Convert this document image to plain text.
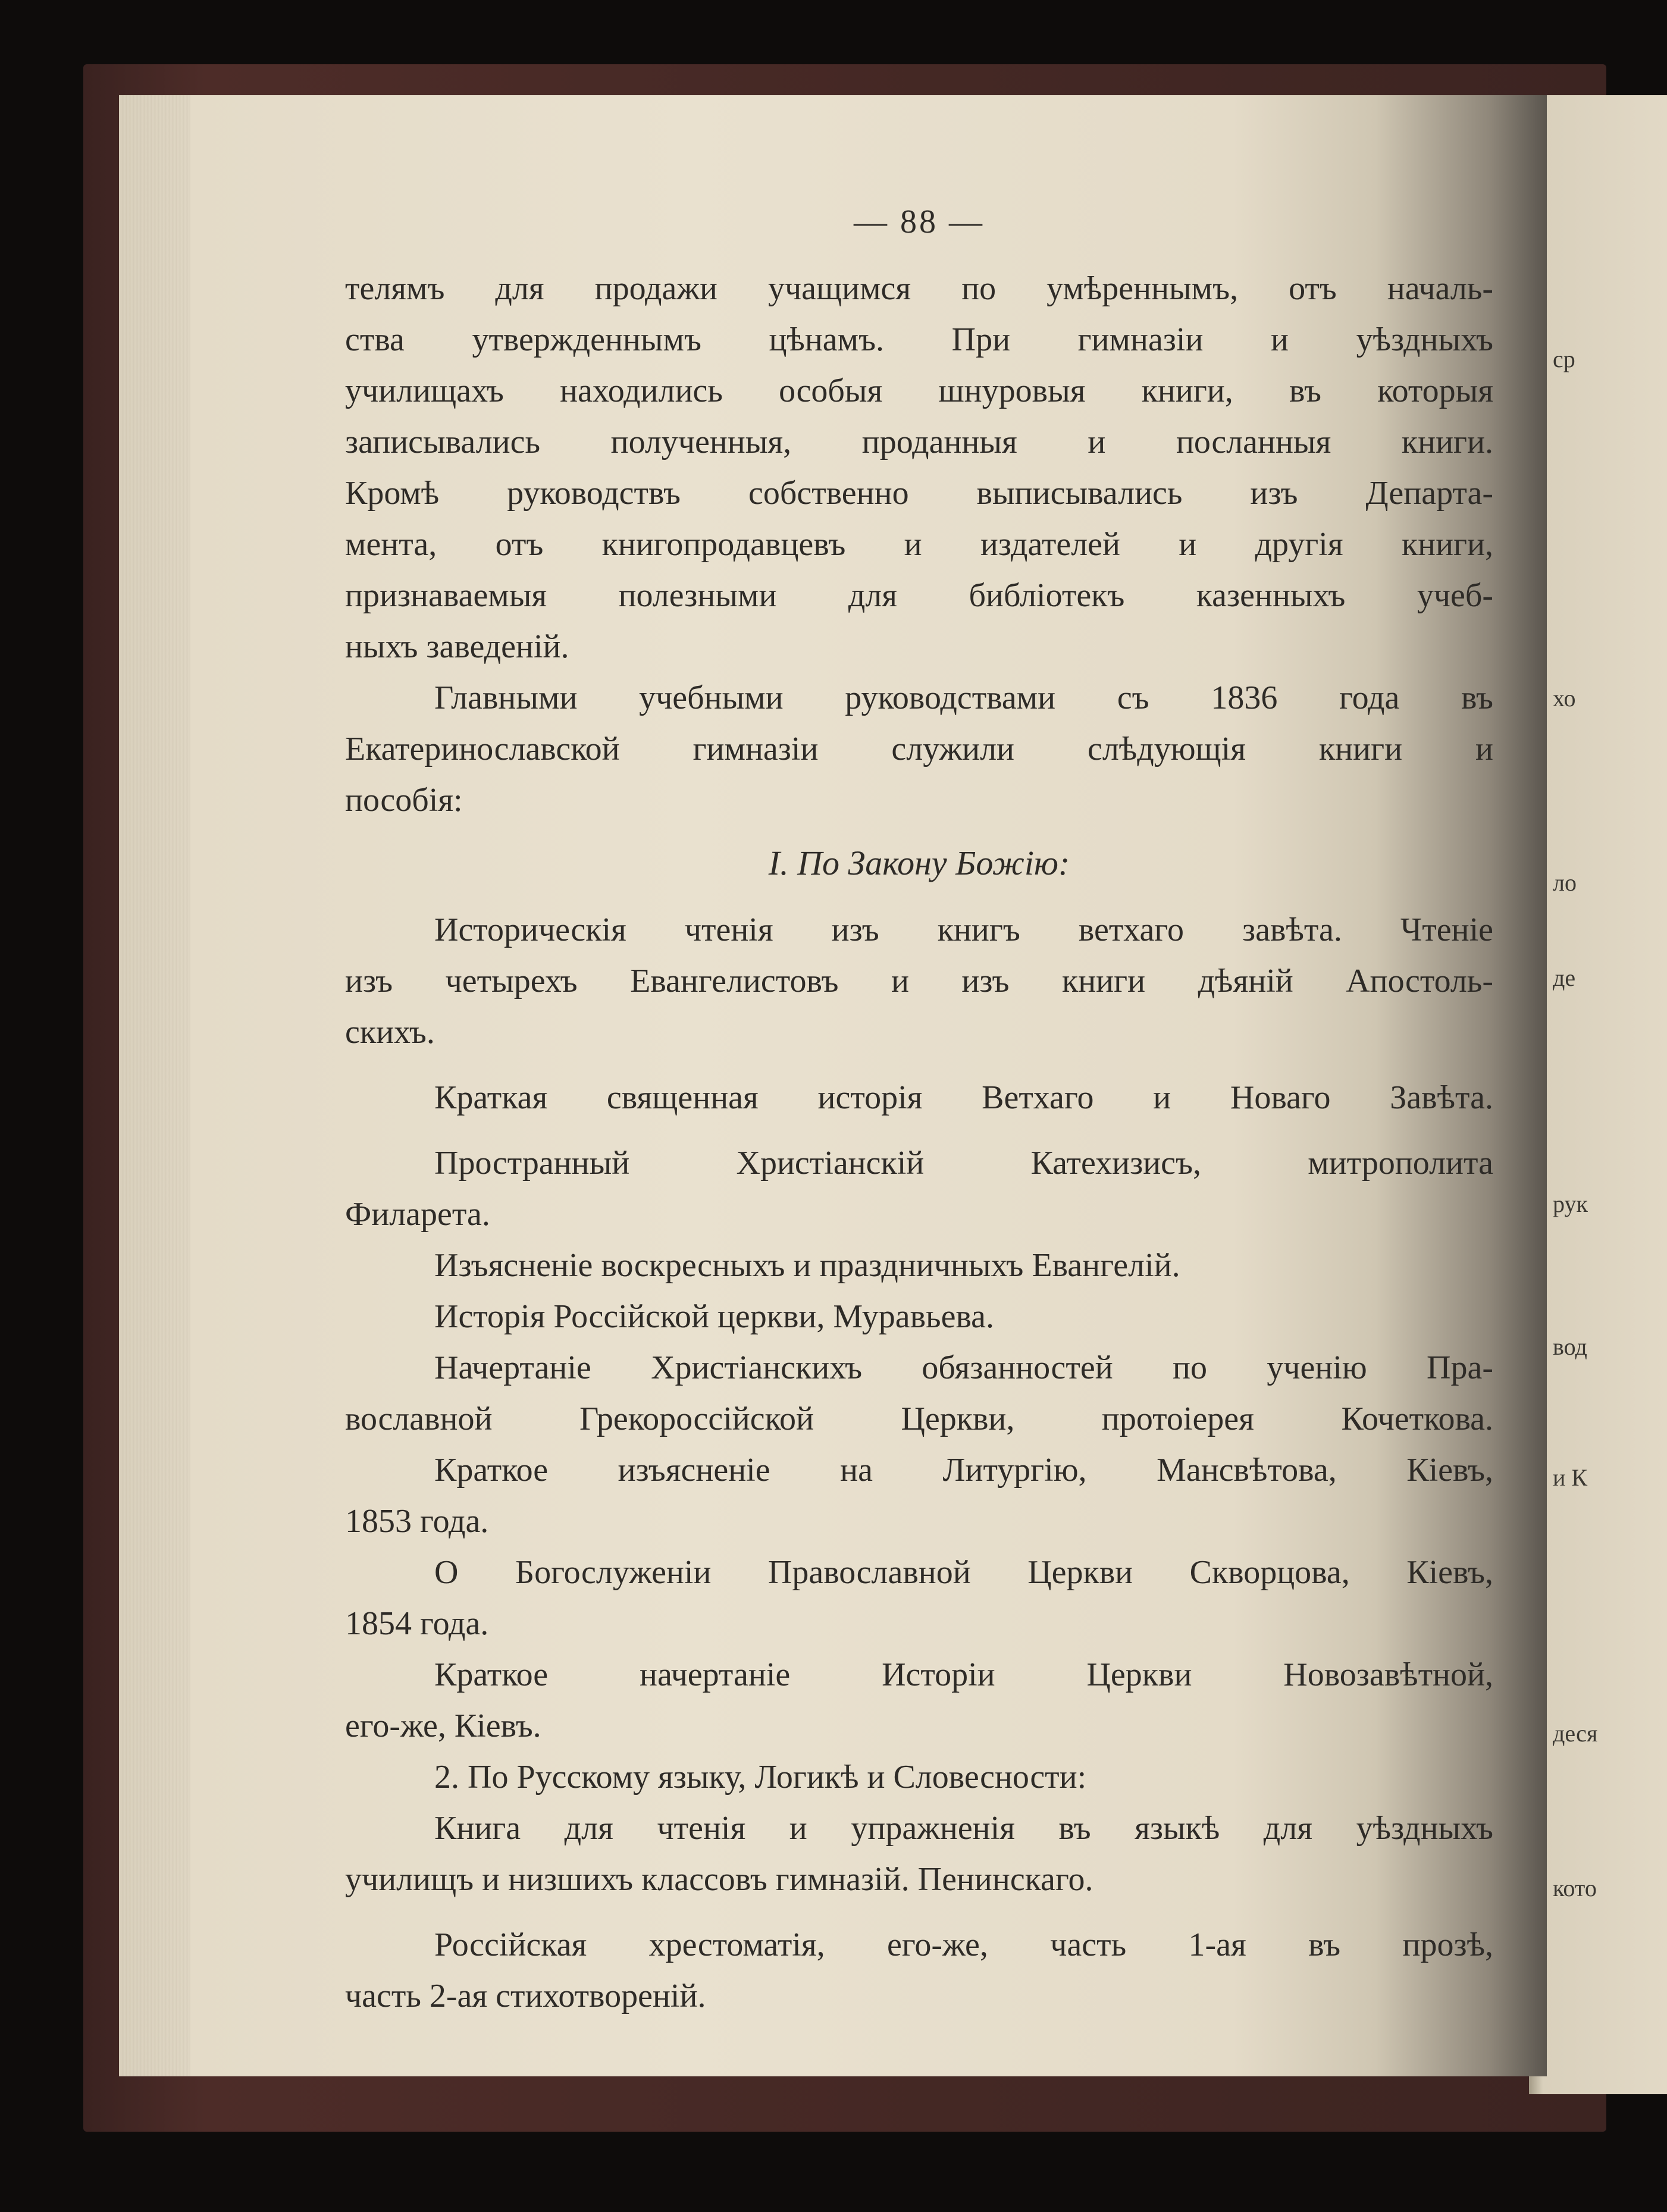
ср
хо
ло
де
рук
вод
и К
деся
кото
— 88 —
телямъ для продажи учащимся по умѣреннымъ, отъ началь-
ства утвержденнымъ цѣнамъ. При гимназіи и уѣздныхъ
училищахъ находились особыя шнуровыя книги, въ которыя
записывались полученныя, проданныя и посланныя книги.
Кромѣ руководствъ собственно выписывались изъ Департа-
мента, отъ книгопродавцевъ и издателей и другія книги,
признаваемыя полезными для библіотекъ казенныхъ учеб-
ныхъ заведеній.
Главными учебными руководствами съ 1836 года въ
Екатеринославской гимназіи служили слѣдующія книги и
пособія:
I. По Закону Божію:
Историческія чтенія изъ книгъ ветхаго завѣта. Чтеніе
изъ четырехъ Евангелистовъ и изъ книги дѣяній Апостоль-
скихъ.
Краткая священная исторія Ветхаго и Новаго Завѣта.
Пространный Христіанскій Катехизисъ, митрополита
Филарета.
Изъясненіе воскресныхъ и праздничныхъ Евангелій.
Исторія Россійской церкви, Муравьева.
Начертаніе Христіанскихъ обязанностей по ученію Пра-
вославной Грекороссійской Церкви, протоіерея Кочеткова.
Краткое изъясненіе на Литургію, Мансвѣтова, Кіевъ,
1853 года.
О Богослуженіи Православной Церкви Скворцова, Кіевъ,
1854 года.
Краткое начертаніе Исторіи Церкви Новозавѣтной,
его-же, Кіевъ.
2. По Русскому языку, Логикѣ и Словесности:
Книга для чтенія и упражненія въ языкѣ для уѣздныхъ
училищъ и низшихъ классовъ гимназій. Пенинскаго.
Россійская хрестоматія, его-же, часть 1-ая въ прозѣ,
часть 2-ая стихотвореній.
